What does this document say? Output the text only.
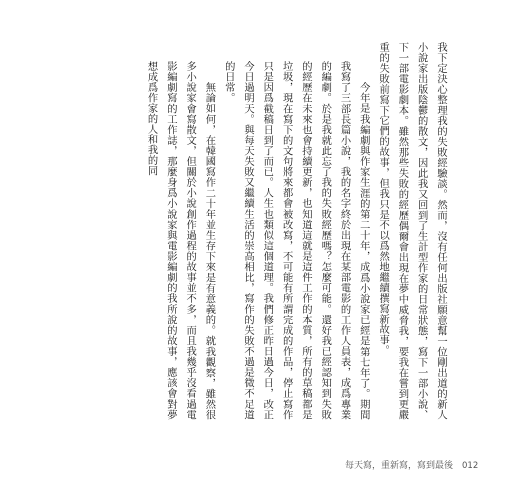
我下定決心整理我的失敗經驗談。然而，沒有任何出版社願意幫一位剛出道的新人小說家出版陰鬱的散文，因此我又回到了生計型作家的日常狀態，寫下一部小說、下一部電影劇本。雖然那些失敗的經歷偶爾會出現在夢中威脅我，要我在嘗到更嚴重的失敗前寫下它們的故事，但我只是不以爲然地繼續撰寫新故事。

今年是我編劇與作家生涯的第二十年，成爲小說家已經是第七年了。期間我寫了三部長篇小說，我的名字終於出現在某部電影的工作人員表，成爲專業的編劇。於是我就此忘了我的失敗經歷嗎？怎麼可能。還好我已經認知到失敗的經歷在未來也會持續更新，也知道這就是這件工作的本質，所有的草稿都是垃圾，現在寫下的文句將來都會被改寫，不可能有所謂完成的作品，停止寫作只是因爲截稿日到了而已。人生也類似這個道理。我們修正昨日過今日，改正今日過明天。與每天失敗又繼續生活的崇高相比，寫作的失敗不過是微不足道的日常。

無論如何，在韓國寫作二十年並生存下來是有意義的。就我觀察，雖然很多小說家會寫散文，但關於小說創作過程的故事並不多，而且我幾乎沒看過電影編劇寫的工作誌，那麼身爲小說家與電影編劇的我所說的故事，應該會對夢想成爲作家的人和我的同

每天寫，重新寫，寫到最後 012
